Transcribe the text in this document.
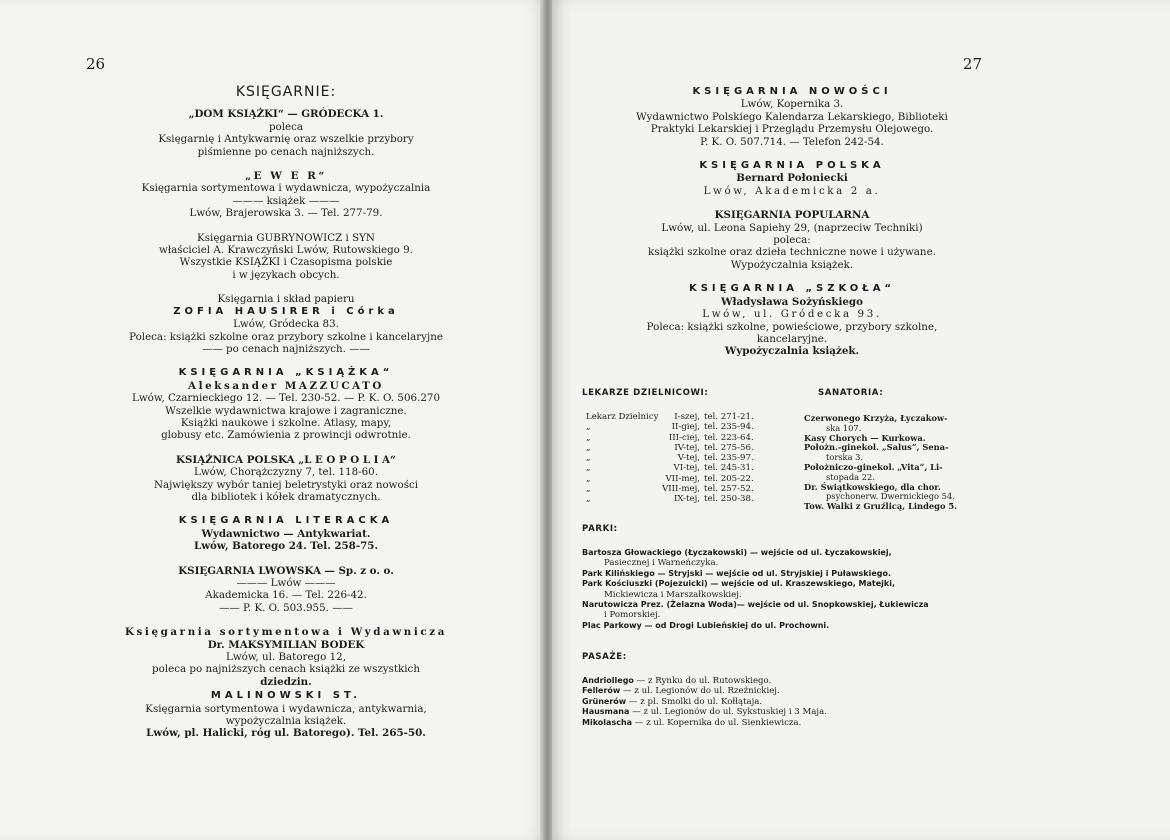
26
KSIĘGARNIE:
„DOM KSIĄŻKI“ — GRÓDECKA 1.
poleca
Księgarnię i Antykwarnię oraz wszelkie przybory
piśmienne po cenach najniższych.
„E W E R“
Księgarnia sortymentowa i wydawnicza, wypożyczalnia
——— książek ———
Lwów, Brajerowska 3. — Tel. 277-79.
Księgarnia GUBRYNOWICZ i SYN
właściciel A. Krawczyński Lwów, Rutowskiego 9.
Wszystkie KSIĄŻKI i Czasopisma polskie
i w językach obcych.
Księgarnia i skład papieru
ZOFIA HAUSIRER i Córka
Lwów, Gródecka 83.
Poleca: książki szkolne oraz przybory szkolne i kancelaryjne
—— po cenach najniższych. ——
KSIĘGARNIA „KSIĄŻKA“
Aleksander MAZZUCATO
Lwów, Czarnieckiego 12. — Tel. 230-52. — P. K. O. 506.270
Wszelkie wydawnictwa krajowe i zagraniczne.
Książki naukowe i szkolne. Atlasy, mapy,
globusy etc. Zamówienia z prowincji odwrotnie.
KSIĄŻNICA POLSKA „L E O P O L I A“
Lwów, Chorążczyzny 7, tel. 118-60.
Największy wybór taniej beletrystyki oraz nowości
dla bibliotek i kółek dramatycznych.
KSIĘGARNIA LITERACKA
Wydawnictwo — Antykwariat.
Lwów, Batorego 24. Tel. 258-75.
KSIĘGARNIA LWOWSKA — Sp. z o. o.
——— Lwów ———
Akademicka 16. — Tel. 226-42.
—— P. K. O. 503.955. ——
Księgarnia sortymentowa i Wydawnicza
Dr. MAKSYMILIAN BODEK
Lwów, ul. Batorego 12,
poleca po najniższych cenach książki ze wszystkich
dziedzin.
MALINOWSKI ST.
Księgarnia sortymentowa i wydawnicza, antykwarnia,
wypożyczalnia książek.
Lwów, pl. Halicki, róg ul. Batorego). Tel. 265-50.
27
KSIĘGARNIA NOWOŚCI
Lwów, Kopernika 3.
Wydawnictwo Polskiego Kalendarza Lekarskiego, Biblioteki
Praktyki Lekarskiej i Przeglądu Przemysłu Olejowego.
P. K. O. 507.714. — Telefon 242-54.
KSIĘGARNIA POLSKA
Bernard Połoniecki
Lwów, Akademicka 2 a.
KSIĘGARNIA POPULARNA
Lwów, ul. Leona Sapiehy 29, (naprzeciw Techniki)
poleca:
książki szkolne oraz dzieła techniczne nowe i używane.
Wypożyczalnia książek.
KSIĘGARNIA „SZKOŁA“
Władysława Sożyńskiego
Lwów, ul. Gródecka 93.
Poleca: książki szkolne, powieściowe, przybory szkolne,
kancelaryjne.
Wypożyczalnia książek.
LEKARZE DZIELNICOWI:	SANATORIA:
Lekarz Dzielnicy	I-szej, tel. 271-21.
„	II-giej, tel. 235-94.
„	III-ciej, tel. 223-64.
„	IV-tej, tel. 275-56.
„	V-tej, tel. 235-97.
„	VI-tej, tel. 245-31.
„	VII-mej, tel. 205-22.
„	VIII-mej, tel. 257-52.
„	IX-tej, tel. 250-38.
Czerwonego Krzyża, Łyczakow-
ska 107.
Kasy Chorych — Kurkowa.
Położn.-ginekol. „Salus“, Sena-
torska 3.
Położniczo-ginekol. „Vita“, Li-
stopada 22.
Dr. Świątkowskiego, dla chor.
psychonerw. Dwernickiego 54.
Tow. Walki z Gruźlicą, Lindego 5.
PARKI:
Bartosza Głowackiego (Łyczakowski) — wejście od ul. Łyczakowskiej,
Pasiecznej i Warneńczyka.
Park Kilińskiego — Stryjski — wejście od ul. Stryjskiej i Puławskiego.
Park Kościuszki (Pojezuicki) — wejście od ul. Kraszewskiego, Matejki,
Mickiewicza i Marszałkowskiej.
Narutowicza Prez. (Żelazna Woda)— wejście od ul. Snopkowskiej, Łukiewicza
i Pomorskiej.
Plac Parkowy — od Drogi Lubieńskiej do ul. Prochowni.
PASAŻE:
Andriollego — z Rynku do ul. Rutowskiego.
Fellerów — z ul. Legionów do ul. Rzeźnickiej.
Grünerów — z pl. Smolki do ul. Kołłątaja.
Hausmana — z ul. Legionów do ul. Sykstuskiej i 3 Maja.
Mikolascha — z ul. Kopernika do ul. Sienkiewicza.
